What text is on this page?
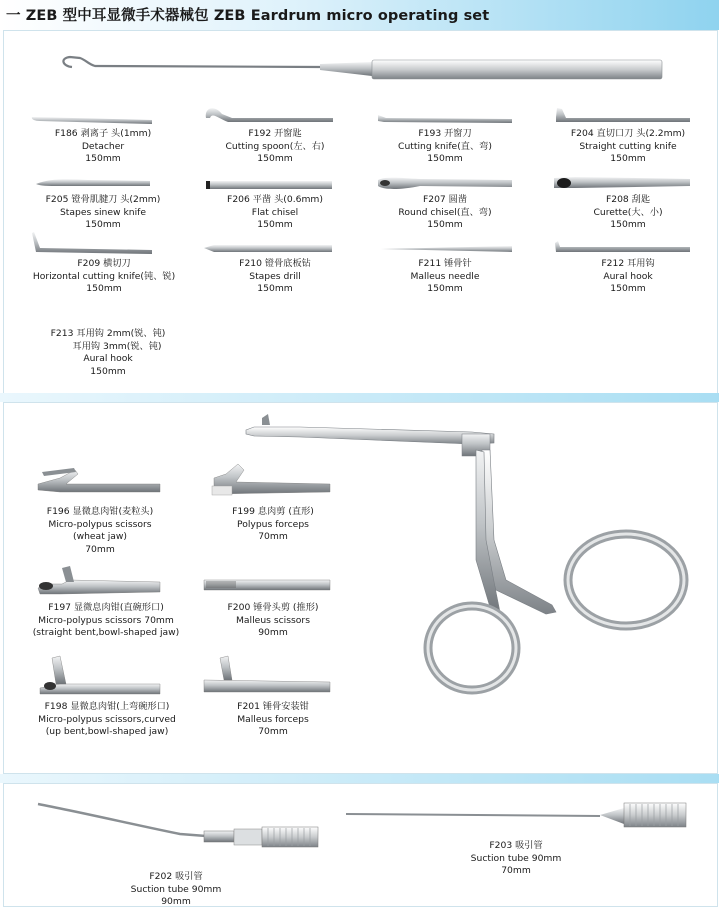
一 ZEB 型中耳显微手术器械包 ZEB Eardrum micro operating set
F186 剥离子 头(1mm)
Detacher
150mm
F192 开窗匙
Cutting spoon(左、右)
150mm
F193 开窗刀
Cutting knife(直、弯)
150mm
F204 直切口刀 头(2.2mm)
Straight cutting knife
150mm
F205 镫骨肌腱刀 头(2mm)
Stapes sinew knife
150mm
F206 平凿 头(0.6mm)
Flat chisel
150mm
F207 圆凿
Round chisel(直、弯)
150mm
F208 刮匙
Curette(大、小)
150mm
F209 横切刀
Horizontal cutting knife(钝、锐)
150mm
F210 镫骨底板钻
Stapes drill
150mm
F211 锤骨针
Malleus needle
150mm
F212 耳用钩
Aural hook
150mm
F213 耳用钩 2mm(锐、钝)
耳用钩 3mm(锐、钝)
Aural hook
150mm
F196 显微息肉钳(麦粒头)
Micro-polypus scissors
(wheat jaw)
70mm
F199 息肉剪 (直形)
Polypus forceps
70mm
F197 显微息肉钳(直碗形口)
Micro-polypus scissors 70mm
(straight bent,bowl-shaped jaw)
F200 锤骨头剪 (推形)
Malleus scissors
90mm
F198 显微息肉钳(上弯碗形口)
Micro-polypus scissors,curved
(up bent,bowl-shaped jaw)
F201 锤骨安装钳
Malleus forceps
70mm
F202 吸引管
Suction tube 90mm
90mm
F203 吸引管
Suction tube 90mm
70mm
